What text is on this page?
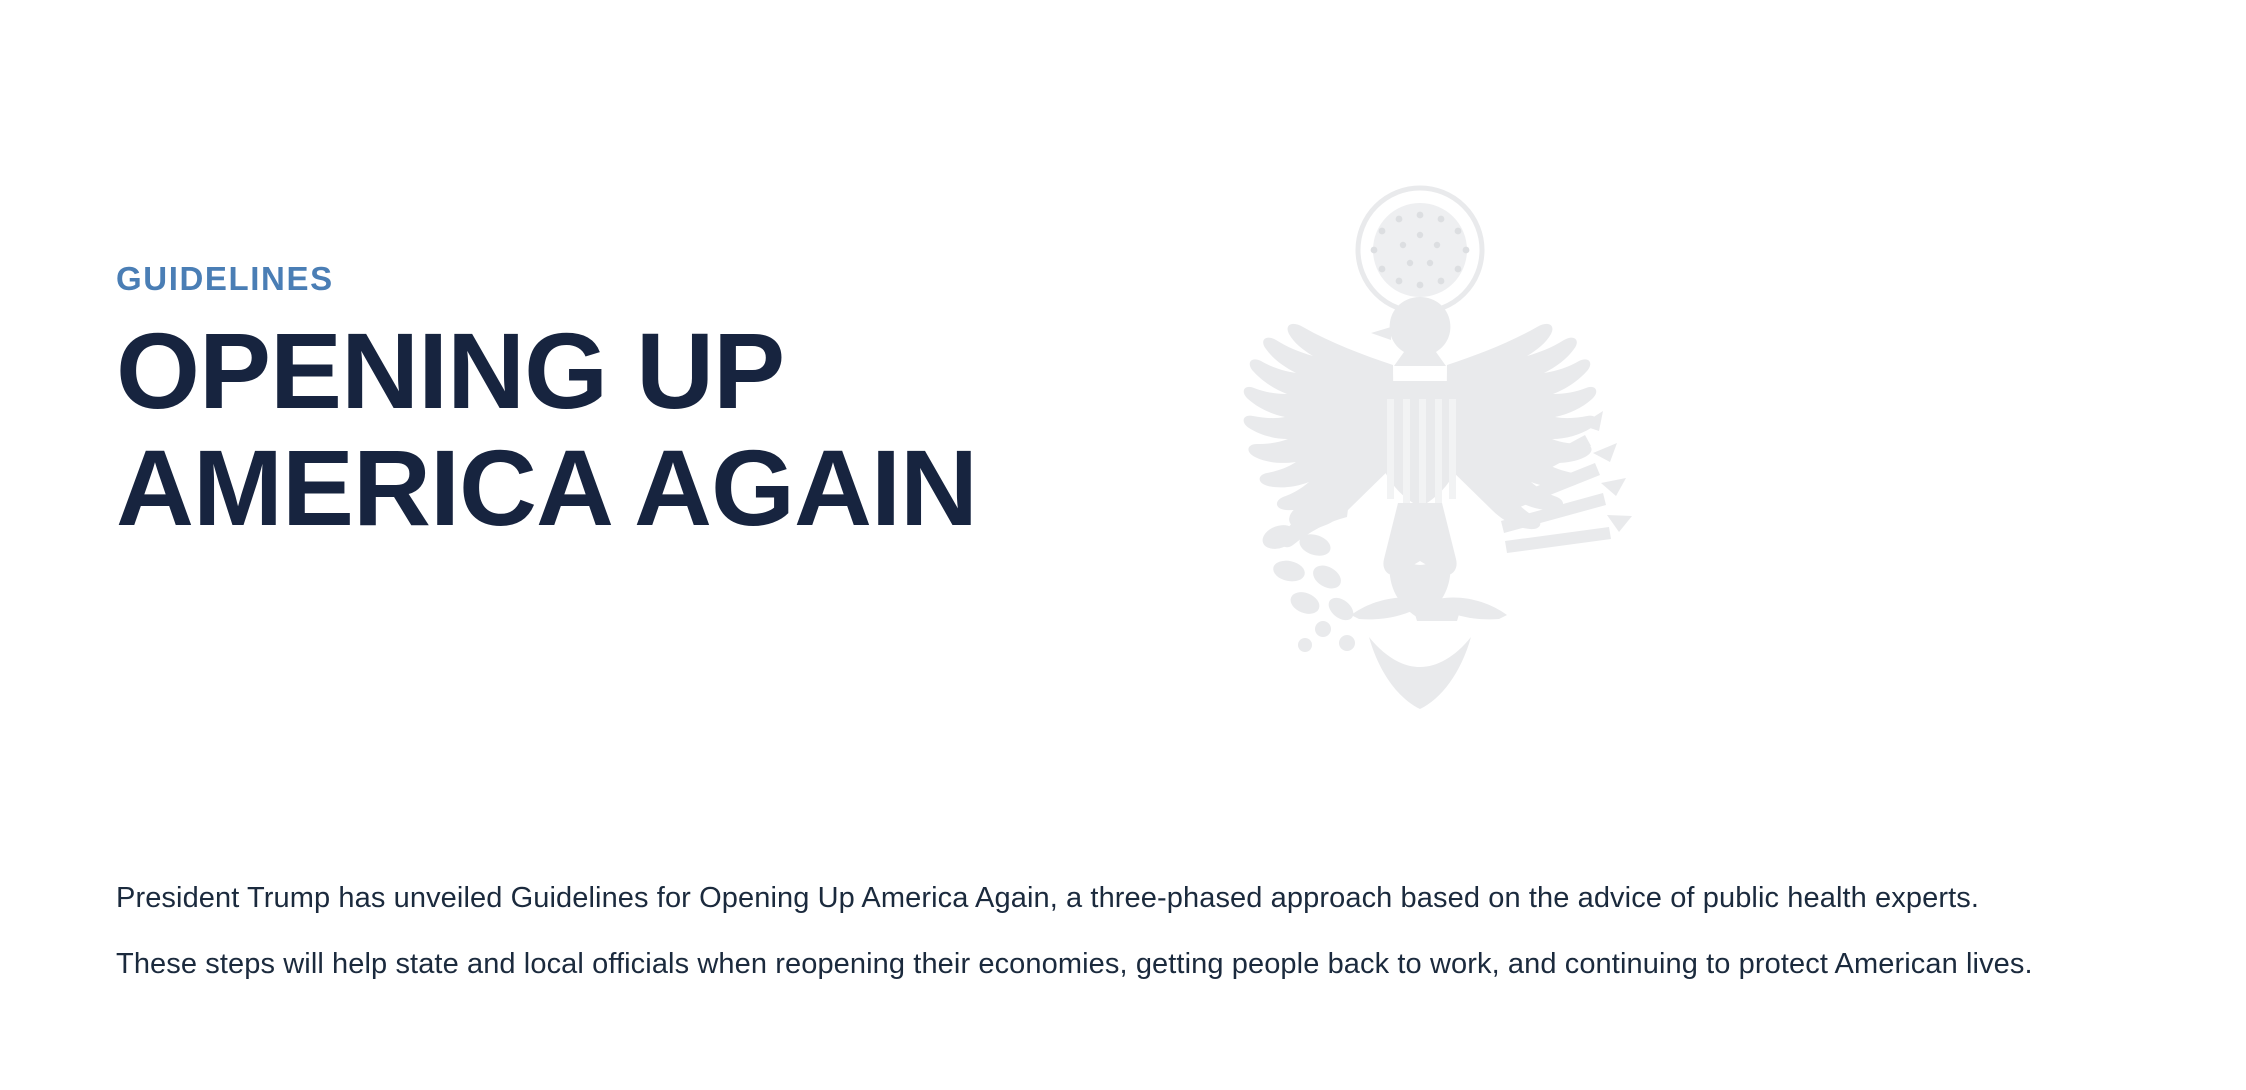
GUIDELINES
OPENING UP
AMERICA AGAIN

President Trump has unveiled Guidelines for Opening Up America Again, a three-phased approach based on the advice of public health experts. These steps will help state and local officials when reopening their economies, getting people back to work, and continuing to protect American lives.
